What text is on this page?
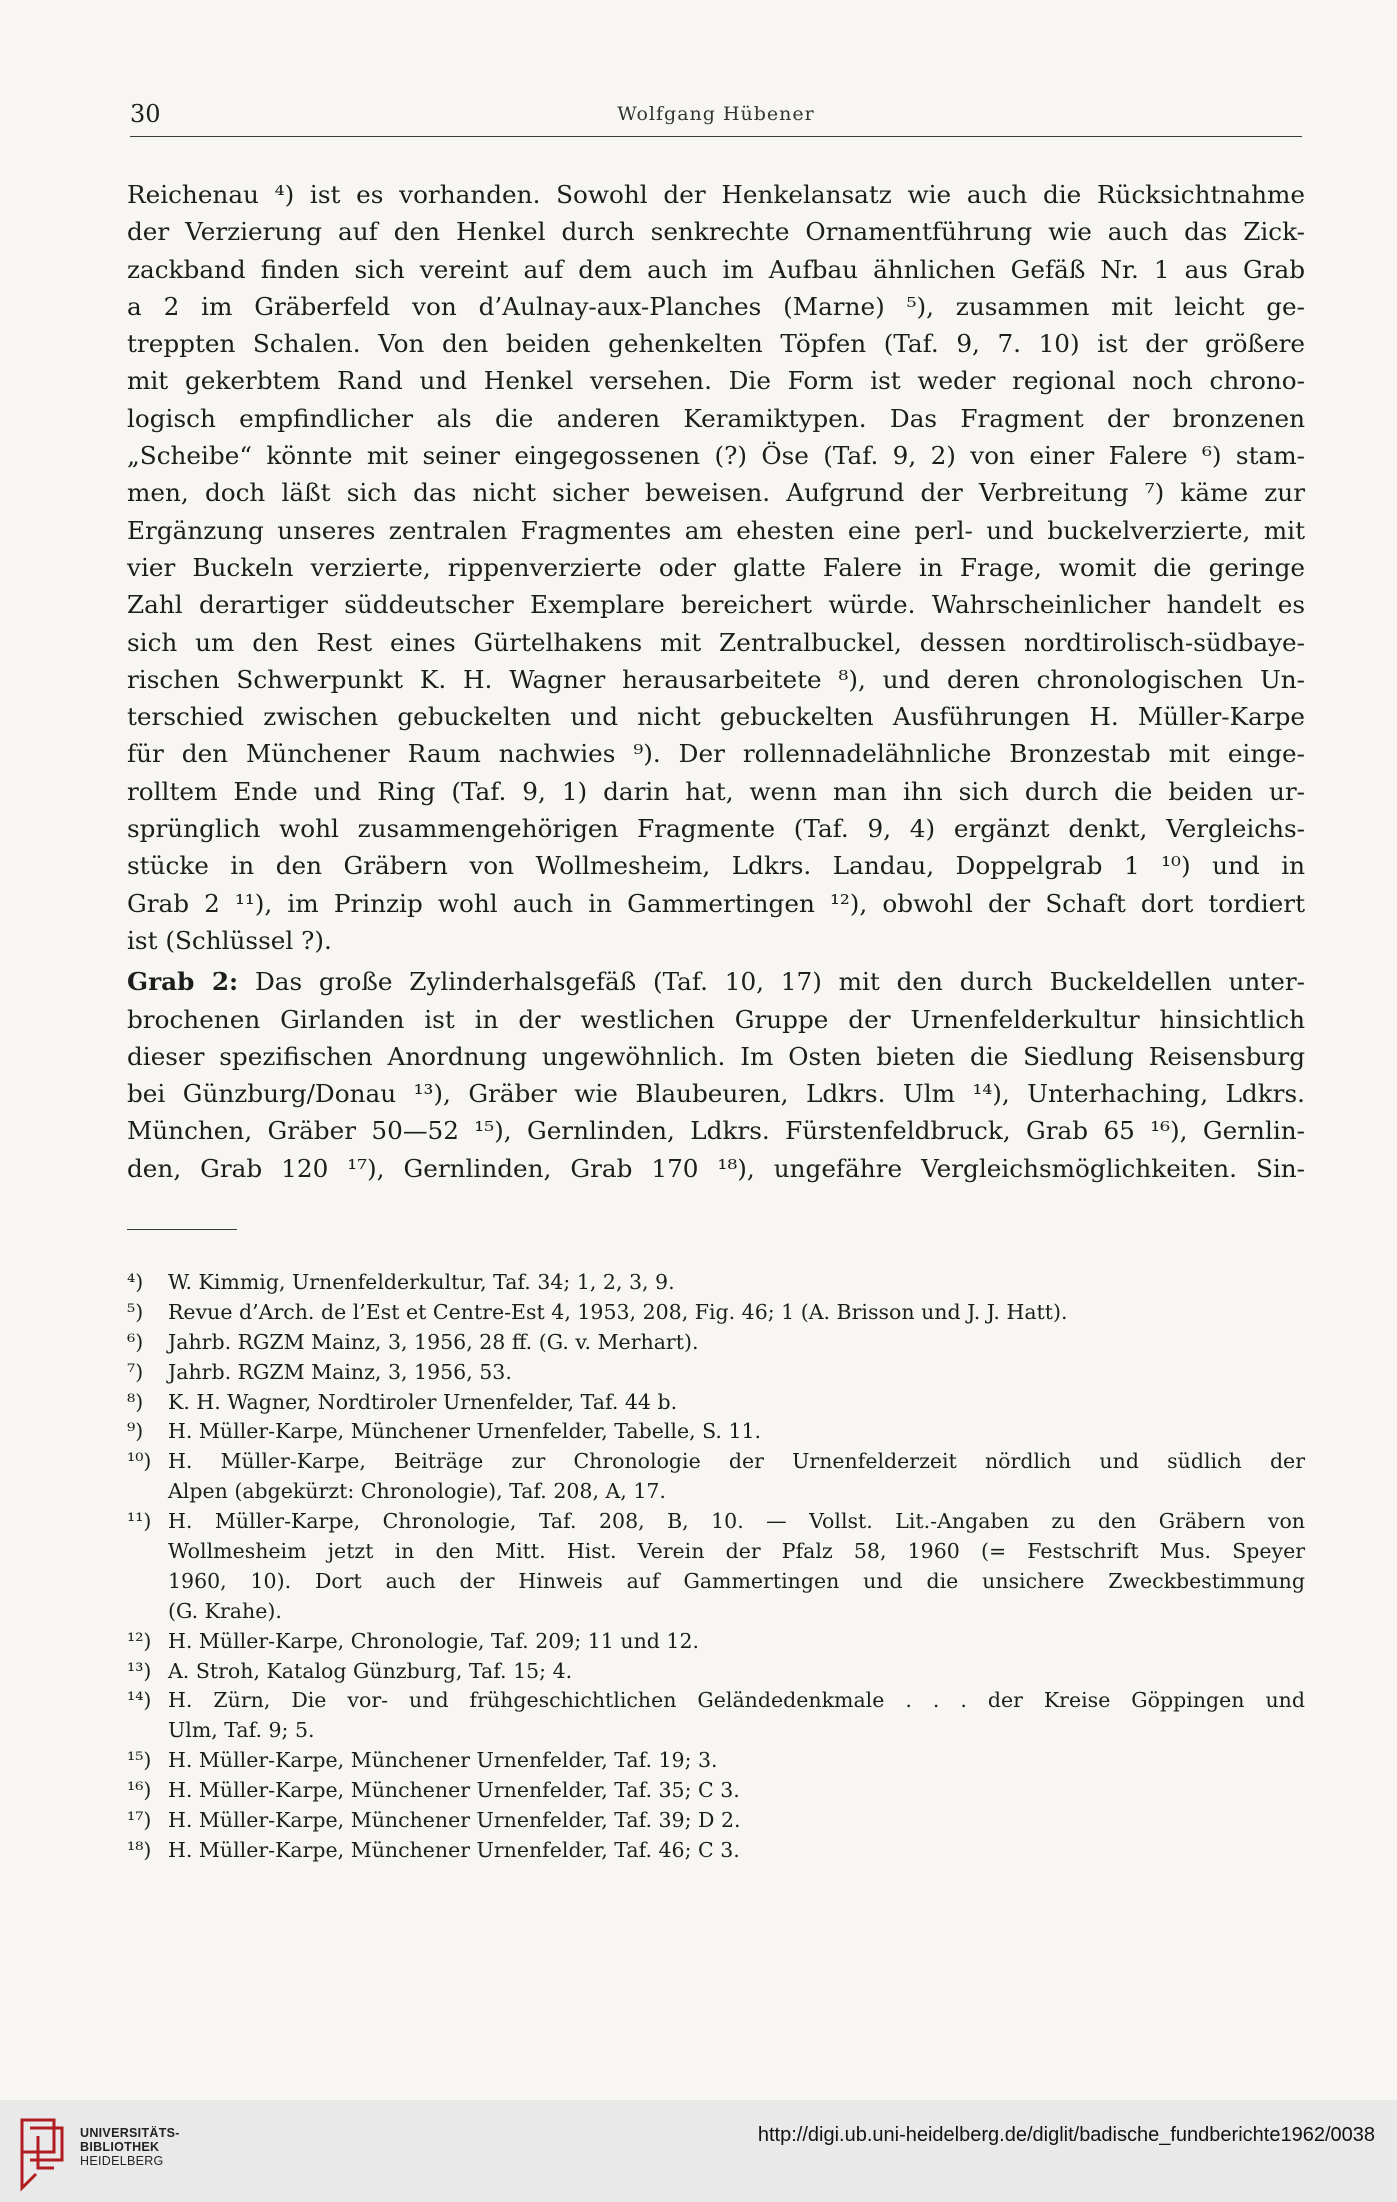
30	Wolfgang Hübener
Reichenau ⁴) ist es vorhanden. Sowohl der Henkelansatz wie auch die Rücksichtnahme
der Verzierung auf den Henkel durch senkrechte Ornamentführung wie auch das Zick-
zackband finden sich vereint auf dem auch im Aufbau ähnlichen Gefäß Nr. 1 aus Grab
a 2 im Gräberfeld von d’Aulnay-aux-Planches (Marne) ⁵), zusammen mit leicht ge-
treppten Schalen. Von den beiden gehenkelten Töpfen (Taf. 9, 7. 10) ist der größere
mit gekerbtem Rand und Henkel versehen. Die Form ist weder regional noch chrono-
logisch empfindlicher als die anderen Keramiktypen. Das Fragment der bronzenen
„Scheibe“ könnte mit seiner eingegossenen (?) Öse (Taf. 9, 2) von einer Falere ⁶) stam-
men, doch läßt sich das nicht sicher beweisen. Aufgrund der Verbreitung ⁷) käme zur
Ergänzung unseres zentralen Fragmentes am ehesten eine perl- und buckelverzierte, mit
vier Buckeln verzierte, rippenverzierte oder glatte Falere in Frage, womit die geringe
Zahl derartiger süddeutscher Exemplare bereichert würde. Wahrscheinlicher handelt es
sich um den Rest eines Gürtelhakens mit Zentralbuckel, dessen nordtirolisch-südbaye-
rischen Schwerpunkt K. H. Wagner herausarbeitete ⁸), und deren chronologischen Un-
terschied zwischen gebuckelten und nicht gebuckelten Ausführungen H. Müller-Karpe
für den Münchener Raum nachwies ⁹). Der rollennadelähnliche Bronzestab mit einge-
rolltem Ende und Ring (Taf. 9, 1) darin hat, wenn man ihn sich durch die beiden ur-
sprünglich wohl zusammengehörigen Fragmente (Taf. 9, 4) ergänzt denkt, Vergleichs-
stücke in den Gräbern von Wollmesheim, Ldkrs. Landau, Doppelgrab 1 ¹⁰) und in
Grab 2 ¹¹), im Prinzip wohl auch in Gammertingen ¹²), obwohl der Schaft dort tordiert
ist (Schlüssel ?).
Grab 2: Das große Zylinderhalsgefäß (Taf. 10, 17) mit den durch Buckeldellen unter-
brochenen Girlanden ist in der westlichen Gruppe der Urnenfelderkultur hinsichtlich
dieser spezifischen Anordnung ungewöhnlich. Im Osten bieten die Siedlung Reisensburg
bei Günzburg/Donau ¹³), Gräber wie Blaubeuren, Ldkrs. Ulm ¹⁴), Unterhaching, Ldkrs.
München, Gräber 50—52 ¹⁵), Gernlinden, Ldkrs. Fürstenfeldbruck, Grab 65 ¹⁶), Gernlin-
den, Grab 120 ¹⁷), Gernlinden, Grab 170 ¹⁸), ungefähre Vergleichsmöglichkeiten. Sin-
⁴) W. Kimmig, Urnenfelderkultur, Taf. 34; 1, 2, 3, 9.
⁵) Revue d’Arch. de l’Est et Centre-Est 4, 1953, 208, Fig. 46; 1 (A. Brisson und J. J. Hatt).
⁶) Jahrb. RGZM Mainz, 3, 1956, 28 ff. (G. v. Merhart).
⁷) Jahrb. RGZM Mainz, 3, 1956, 53.
⁸) K. H. Wagner, Nordtiroler Urnenfelder, Taf. 44 b.
⁹) H. Müller-Karpe, Münchener Urnenfelder, Tabelle, S. 11.
¹⁰) H. Müller-Karpe, Beiträge zur Chronologie der Urnenfelderzeit nördlich und südlich der
Alpen (abgekürzt: Chronologie), Taf. 208, A, 17.
¹¹) H. Müller-Karpe, Chronologie, Taf. 208, B, 10. — Vollst. Lit.-Angaben zu den Gräbern von
Wollmesheim jetzt in den Mitt. Hist. Verein der Pfalz 58, 1960 (= Festschrift Mus. Speyer
1960, 10). Dort auch der Hinweis auf Gammertingen und die unsichere Zweckbestimmung
(G. Krahe).
¹²) H. Müller-Karpe, Chronologie, Taf. 209; 11 und 12.
¹³) A. Stroh, Katalog Günzburg, Taf. 15; 4.
¹⁴) H. Zürn, Die vor- und frühgeschichtlichen Geländedenkmale . . . der Kreise Göppingen und
Ulm, Taf. 9; 5.
¹⁵) H. Müller-Karpe, Münchener Urnenfelder, Taf. 19; 3.
¹⁶) H. Müller-Karpe, Münchener Urnenfelder, Taf. 35; C 3.
¹⁷) H. Müller-Karpe, Münchener Urnenfelder, Taf. 39; D 2.
¹⁸) H. Müller-Karpe, Münchener Urnenfelder, Taf. 46; C 3.
UNIVERSITÄTS-
BIBLIOTHEK
HEIDELBERG
http://digi.ub.uni-heidelberg.de/diglit/badische_fundberichte1962/0038
